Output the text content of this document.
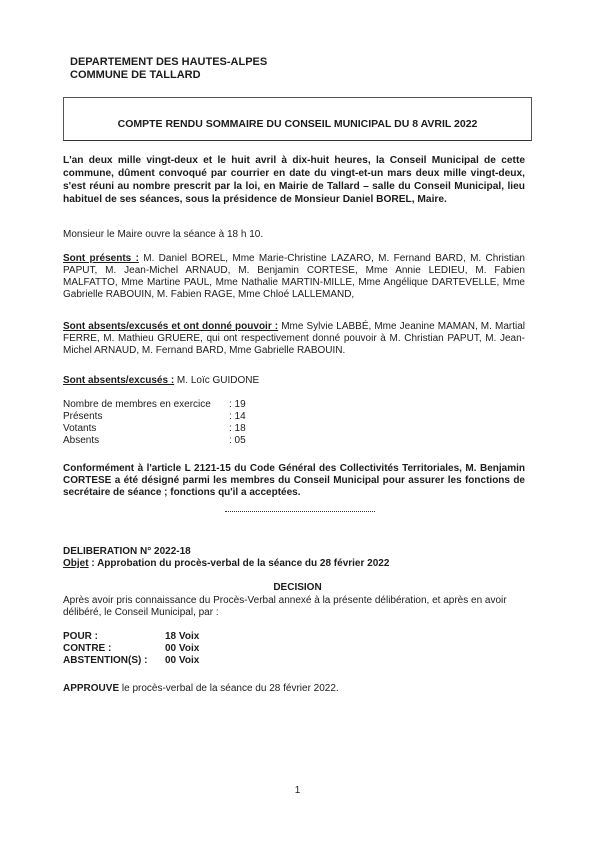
DEPARTEMENT DES HAUTES-ALPES
COMMUNE DE TALLARD
COMPTE RENDU SOMMAIRE DU CONSEIL MUNICIPAL DU 8 AVRIL 2022
L'an deux mille vingt-deux et le huit avril à dix-huit heures, la Conseil Municipal de cette commune, dûment convoqué par courrier en date du vingt-et-un mars deux mille vingt-deux, s'est réuni au nombre prescrit par la loi, en Mairie de Tallard – salle du Conseil Municipal, lieu habituel de ses séances, sous la présidence de Monsieur Daniel BOREL, Maire.
Monsieur le Maire ouvre la séance à 18 h 10.
Sont présents : M. Daniel BOREL, Mme Marie-Christine LAZARO, M. Fernand BARD, M. Christian PAPUT, M. Jean-Michel ARNAUD, M. Benjamin CORTESE, Mme Annie LEDIEU, M. Fabien MALFATTO, Mme Martine PAUL, Mme Nathalie MARTIN-MILLE, Mme Angélique DARTEVELLE, Mme Gabrielle RABOUIN, M. Fabien RAGE, Mme Chloé LALLEMAND,
Sont absents/excusés et ont donné pouvoir : Mme Sylvie LABBÉ, Mme Jeanine MAMAN, M. Martial FERRE, M. Mathieu GRUERE, qui ont respectivement donné pouvoir à M. Christian PAPUT, M. Jean-Michel ARNAUD, M. Fernand BARD, Mme Gabrielle RABOUIN.
Sont absents/excusés : M. Loïc GUIDONE
Nombre de membres en exercice : 19
Présents	: 14
Votants	: 18
Absents	: 05
Conformément à l'article L 2121-15 du Code Général des Collectivités Territoriales, M. Benjamin CORTESE a été désigné parmi les membres du Conseil Municipal pour assurer les fonctions de secrétaire de séance ; fonctions qu'il a acceptées.
DELIBERATION N° 2022-18
Objet : Approbation du procès-verbal de la séance du 28 février 2022
DECISION
Après avoir pris connaissance du Procès-Verbal annexé à la présente délibération, et après en avoir délibéré, le Conseil Municipal, par :
POUR :	18 Voix
CONTRE :	00 Voix
ABSTENTION(S) : 00 Voix
APPROUVE le procès-verbal de la séance du 28 février 2022.
1
